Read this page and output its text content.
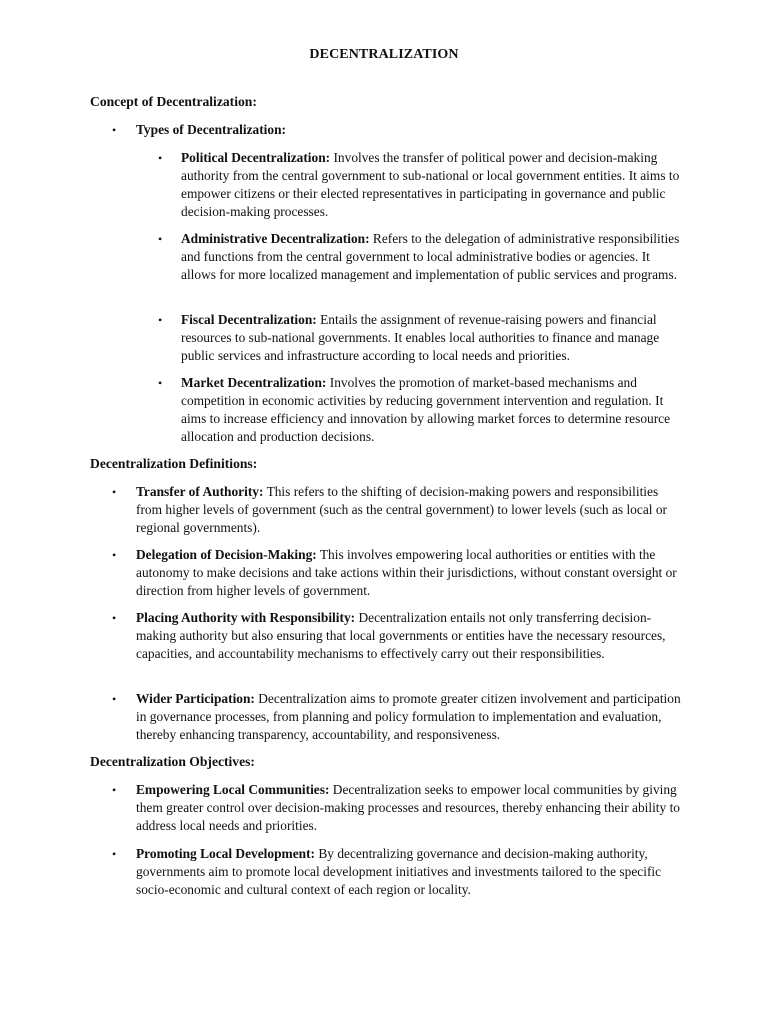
DECENTRALIZATION
Concept of Decentralization:
• Types of Decentralization:
• Political Decentralization: Involves the transfer of political power and decision-making authority from the central government to sub-national or local government entities. It aims to empower citizens or their elected representatives in participating in governance and public decision-making processes.
• Administrative Decentralization: Refers to the delegation of administrative responsibilities and functions from the central government to local administrative bodies or agencies. It allows for more localized management and implementation of public services and programs.
• Fiscal Decentralization: Entails the assignment of revenue-raising powers and financial resources to sub-national governments. It enables local authorities to finance and manage public services and infrastructure according to local needs and priorities.
• Market Decentralization: Involves the promotion of market-based mechanisms and competition in economic activities by reducing government intervention and regulation. It aims to increase efficiency and innovation by allowing market forces to determine resource allocation and production decisions.
Decentralization Definitions:
• Transfer of Authority: This refers to the shifting of decision-making powers and responsibilities from higher levels of government (such as the central government) to lower levels (such as local or regional governments).
• Delegation of Decision-Making: This involves empowering local authorities or entities with the autonomy to make decisions and take actions within their jurisdictions, without constant oversight or direction from higher levels of government.
• Placing Authority with Responsibility: Decentralization entails not only transferring decision-making authority but also ensuring that local governments or entities have the necessary resources, capacities, and accountability mechanisms to effectively carry out their responsibilities.
• Wider Participation: Decentralization aims to promote greater citizen involvement and participation in governance processes, from planning and policy formulation to implementation and evaluation, thereby enhancing transparency, accountability, and responsiveness.
Decentralization Objectives:
• Empowering Local Communities: Decentralization seeks to empower local communities by giving them greater control over decision-making processes and resources, thereby enhancing their ability to address local needs and priorities.
• Promoting Local Development: By decentralizing governance and decision-making authority, governments aim to promote local development initiatives and investments tailored to the specific socio-economic and cultural context of each region or locality.
